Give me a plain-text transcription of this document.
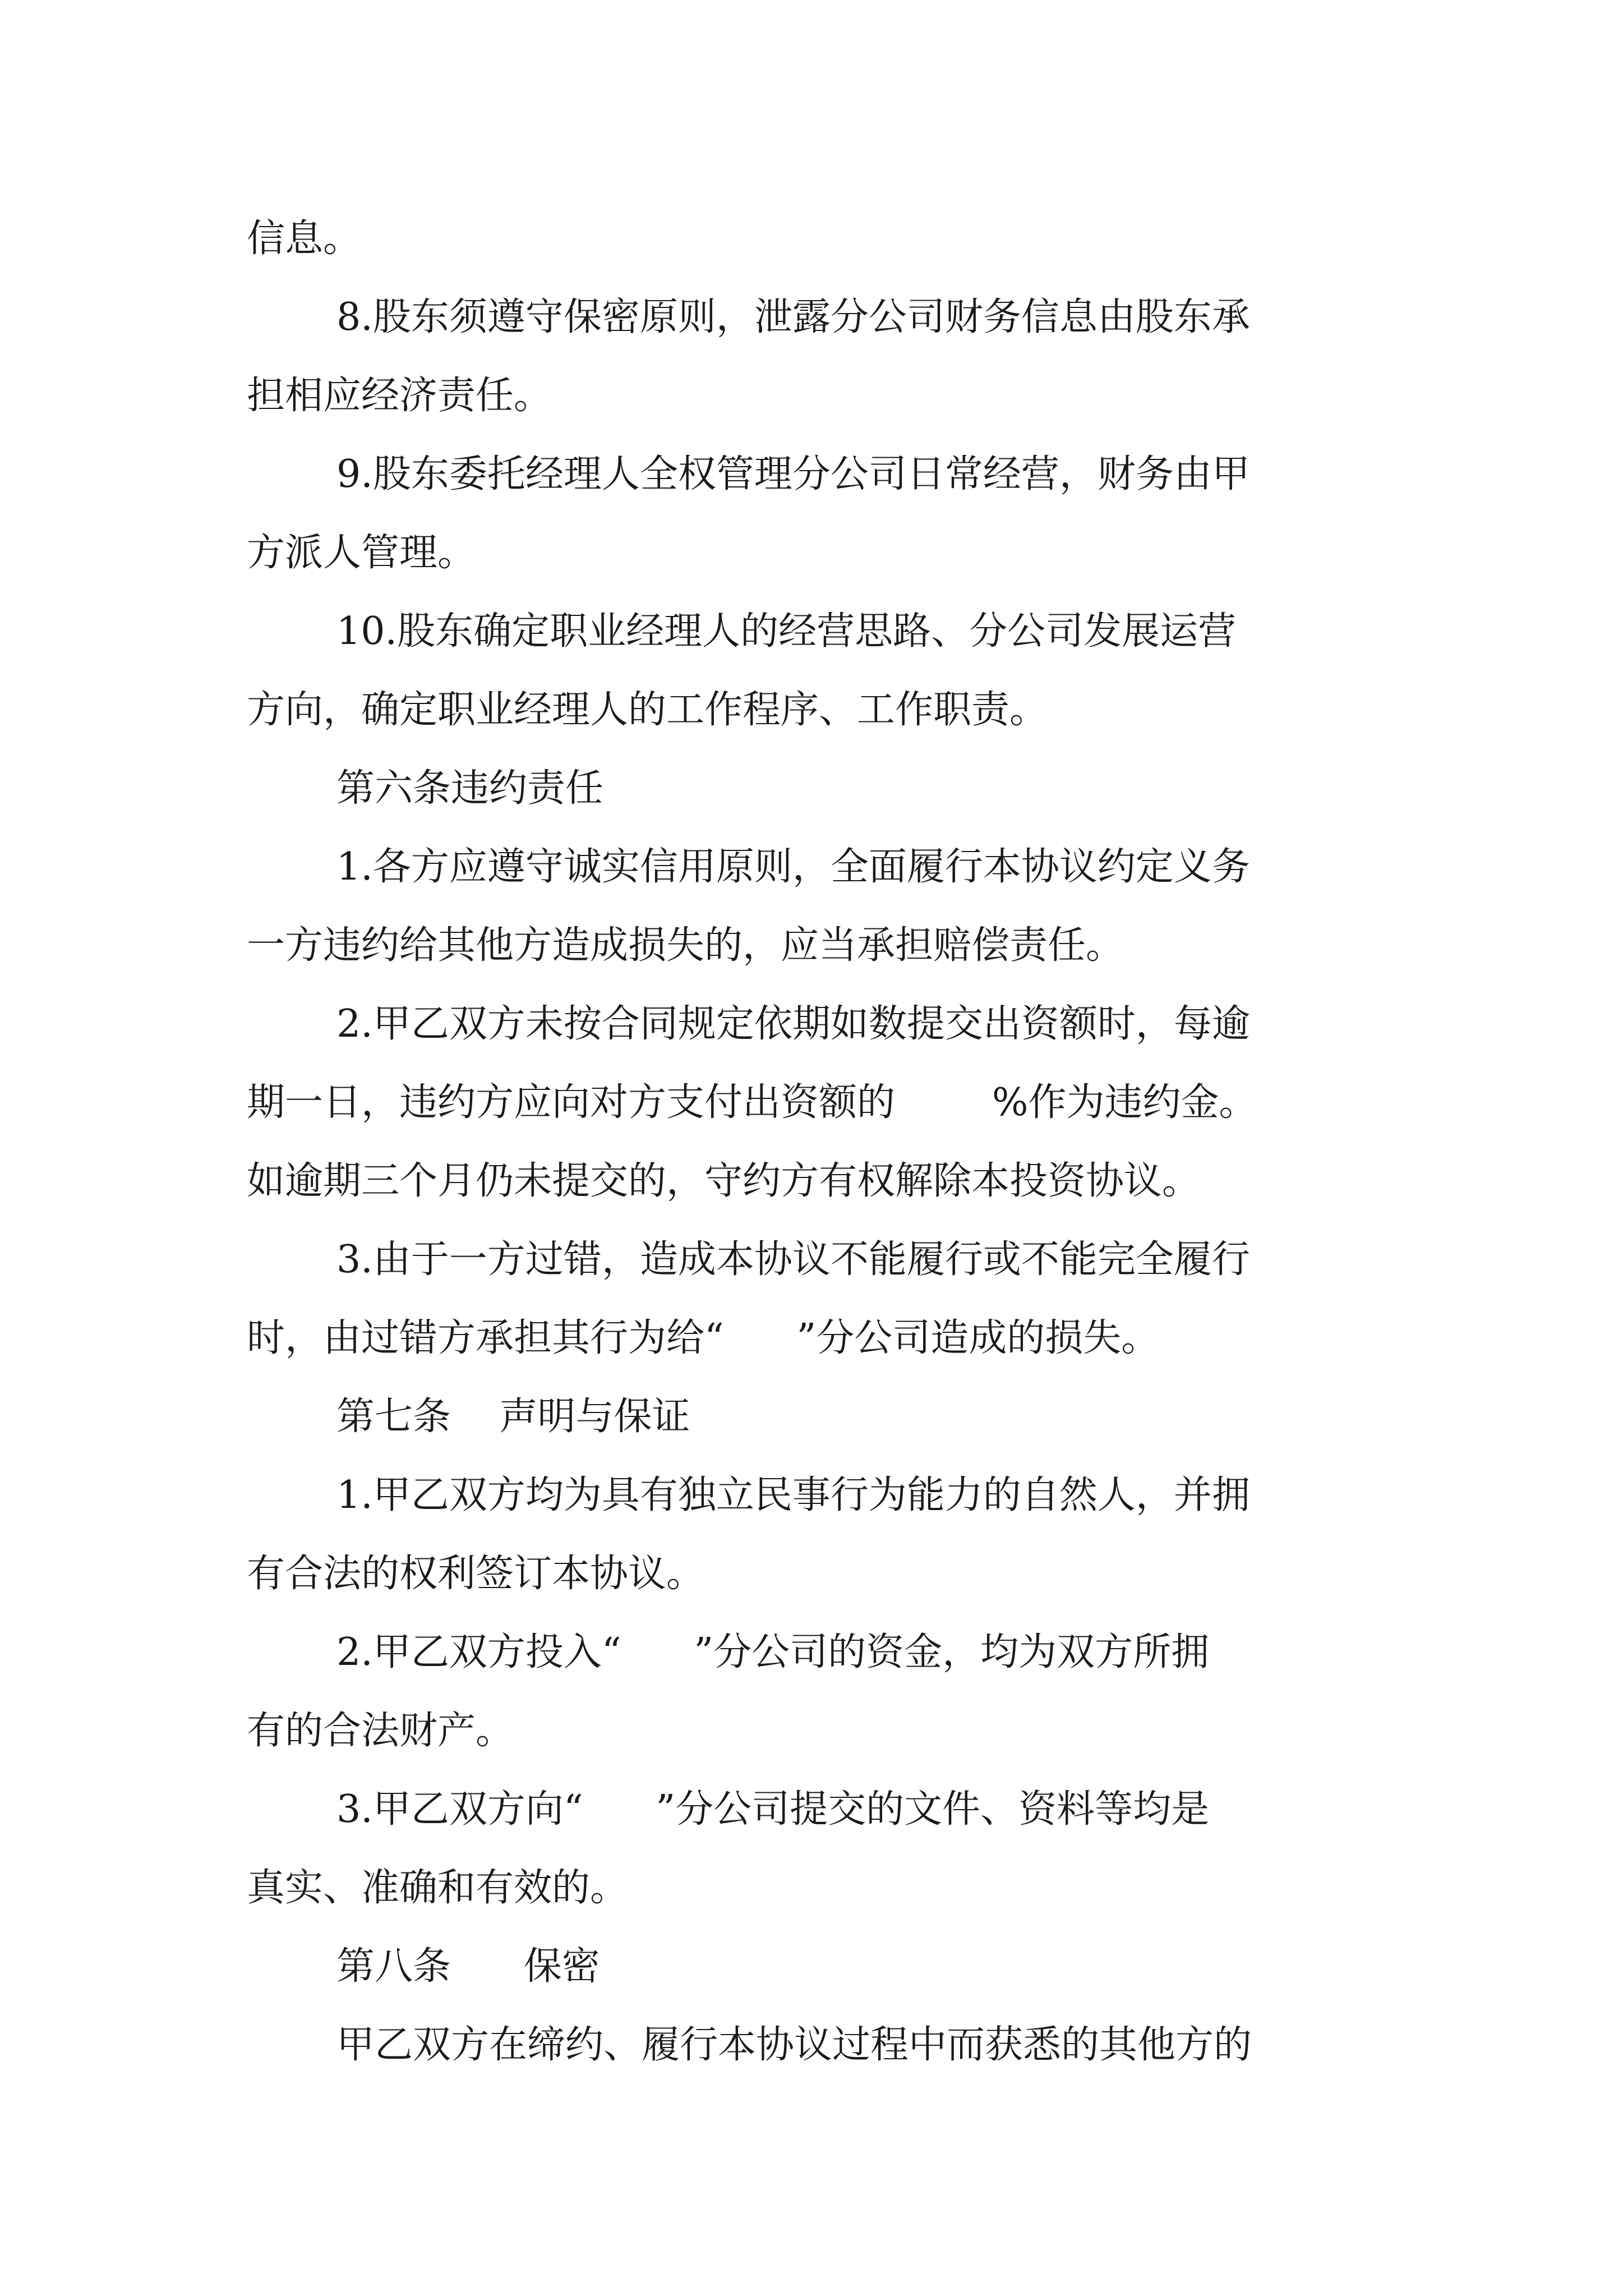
信息。
8.股东须遵守保密原则，泄露分公司财务信息由股东承
担相应经济责任。
9.股东委托经理人全权管理分公司日常经营，财务由甲
方派人管理。
10.股东确定职业经理人的经营思路、分公司发展运营
方向，确定职业经理人的工作程序、工作职责。
第六条违约责任
1.各方应遵守诚实信用原则，全面履行本协议约定义务
一方违约给其他方造成损失的，应当承担赔偿责任。
2.甲乙双方未按合同规定依期如数提交出资额时，每逾
期一日，违约方应向对方支付出资额的        %作为违约金。
如逾期三个月仍未提交的，守约方有权解除本投资协议。
3.由于一方过错，造成本协议不能履行或不能完全履行
时，由过错方承担其行为给“      ”分公司造成的损失。
第七条    声明与保证
1.甲乙双方均为具有独立民事行为能力的自然人，并拥
有合法的权利签订本协议。
2.甲乙双方投入“      ”分公司的资金，均为双方所拥
有的合法财产。
3.甲乙双方向“      ”分公司提交的文件、资料等均是
真实、准确和有效的。
第八条      保密
甲乙双方在缔约、履行本协议过程中而获悉的其他方的
